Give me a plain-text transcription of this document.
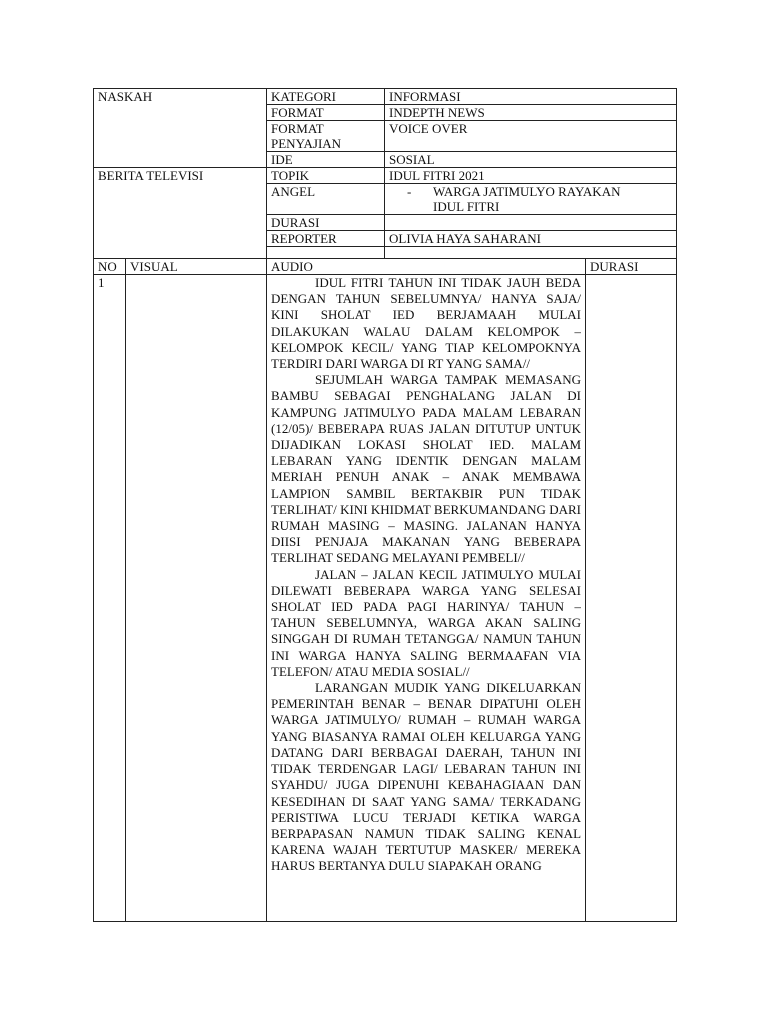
NASKAH		KATEGORI	INFORMASI	
		FORMAT	INDEPTH NEWS	
		FORMAT PENYAJIAN	VOICE OVER	
		IDE	SOSIAL	
BERITA TELEVISI		TOPIK	IDUL FITRI 2021	
		ANGEL	- WARGA JATIMULYO RAYAKAN
IDUL FITRI	

		DURASI		
		REPORTER	OLIVIA HAYA SAHARANI	

NO	VISUAL	AUDIO		DURASI
1		IDUL FITRI TAHUN INI TIDAK JAUH BEDA DENGAN TAHUN SEBELUMNYA/ HANYA SAJA/ KINI SHOLAT IED BERJAMAAH MULAI DILAKUKAN WALAU DALAM KELOMPOK – KELOMPOK KECIL/ YANG TIAP KELOMPOKNYA TERDIRI DARI WARGA DI RT YANG SAMA//

SEJUMLAH WARGA TAMPAK MEMASANG BAMBU SEBAGAI PENGHALANG JALAN DI KAMPUNG JATIMULYO PADA MALAM LEBARAN (12/05)/ BEBERAPA RUAS JALAN DITUTUP UNTUK DIJADIKAN LOKASI SHOLAT IED. MALAM LEBARAN YANG IDENTIK DENGAN MALAM MERIAH PENUH ANAK – ANAK MEMBAWA LAMPION SAMBIL BERTAKBIR PUN TIDAK TERLIHAT/ KINI KHIDMAT BERKUMANDANG DARI RUMAH MASING – MASING. JALANAN HANYA DIISI PENJAJA MAKANAN YANG BEBERAPA TERLIHAT SEDANG MELAYANI PEMBELI//

JALAN – JALAN KECIL JATIMULYO MULAI DILEWATI BEBERAPA WARGA YANG SELESAI SHOLAT IED PADA PAGI HARINYA/ TAHUN – TAHUN SEBELUMNYA, WARGA AKAN SALING SINGGAH DI RUMAH TETANGGA/ NAMUN TAHUN INI WARGA HANYA SALING BERMAAFAN VIA TELEFON/ ATAU MEDIA SOSIAL//

LARANGAN MUDIK YANG DIKELUARKAN PEMERINTAH BENAR – BENAR DIPATUHI OLEH WARGA JATIMULYO/ RUMAH – RUMAH WARGA YANG BIASANYA RAMAI OLEH KELUARGA YANG DATANG DARI BERBAGAI DAERAH, TAHUN INI TIDAK TERDENGAR LAGI/ LEBARAN TAHUN INI SYAHDU/ JUGA DIPENUHI KEBAHAGIAAN DAN KESEDIHAN DI SAAT YANG SAMA/ TERKADANG PERISTIWA LUCU TERJADI KETIKA WARGA BERPAPASAN NAMUN TIDAK SALING KENAL KARENA WAJAH TERTUTUP MASKER/ MEREKA HARUS BERTANYA DULU SIAPAKAH ORANG		
